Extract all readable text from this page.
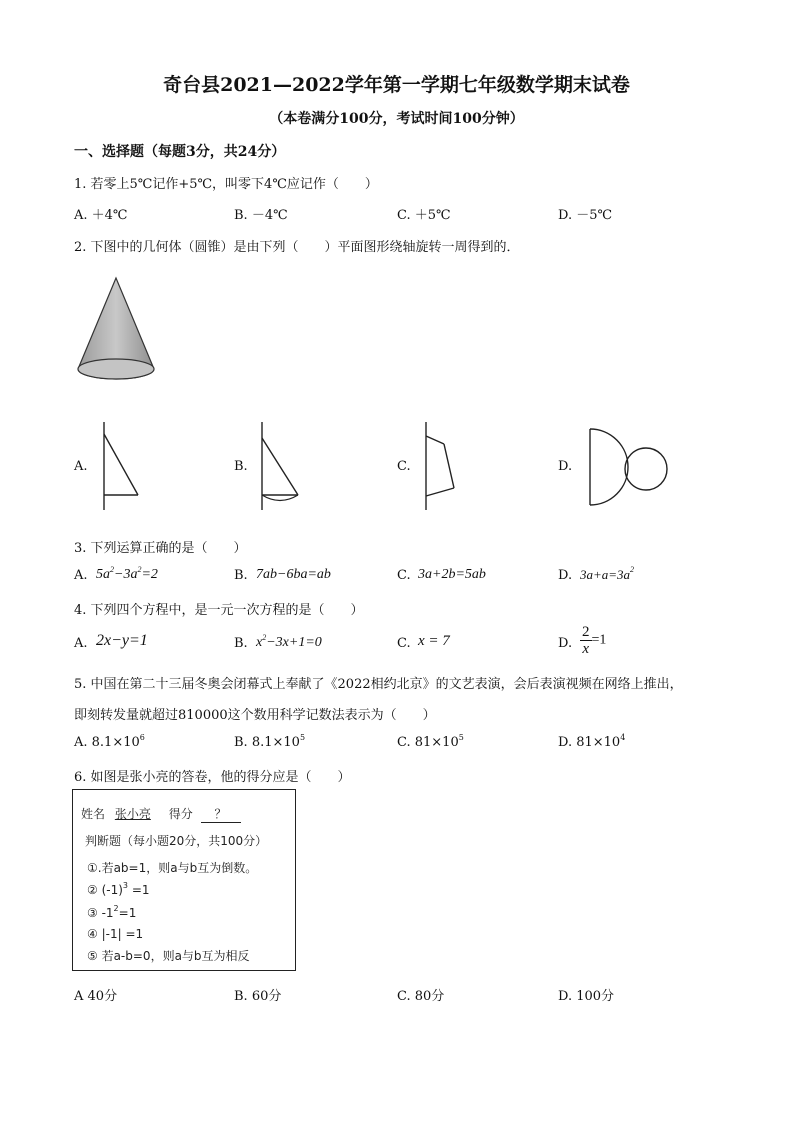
奇台县2021—2022学年第一学期七年级数学期末试卷
（本卷满分100分，考试时间100分钟）
一、选择题（每题3分，共24分）
1. 若零上5℃记作+5℃，叫零下4℃应记作（　　）
A. ＋4℃	B. －4℃	C. ＋5℃	D. －5℃
2. 下图中的几何体（圆锥）是由下列（　　）平面图形绕轴旋转一周得到的．
A.	B.	C.	D.
3. 下列运算正确的是（　　）
A. $5a^2-3a^2=2$	B. 7ab−6ba=ab	C. 3a+2b=5ab	D. $3a+a=3a^2$
4. 下列四个方程中，是一元一次方程的是（　　）
A. 2x−y=1	B. $x^2-3x+1=0$	C. x = 7	D. $\frac{2}{x} =1$
5. 中国在第二十三届冬奥会闭幕式上奉献了《2022相约北京》的文艺表演，会后表演视频在网络上推出，
即刻转发量就超过810000这个数用科学记数法表示为（　　）
A. $8.1\times 10^6$	B. $8.1\times 10^5$	C. $81\times 10^5$	D. $81\times 10^4$
6. 如图是张小亮的答卷，他的得分应是（　　）
姓名 张小亮 得分 ？
判断题（每小题20分，共100分）
①.若ab=1，则a与b互为倒数。
② $(-1)^3 =1$
③ $-1^2=1$
④ |-1| =1
⑤ 若a-b=0，则a与b互为相反
A 40分	B. 60分	C. 80分	D. 100分
